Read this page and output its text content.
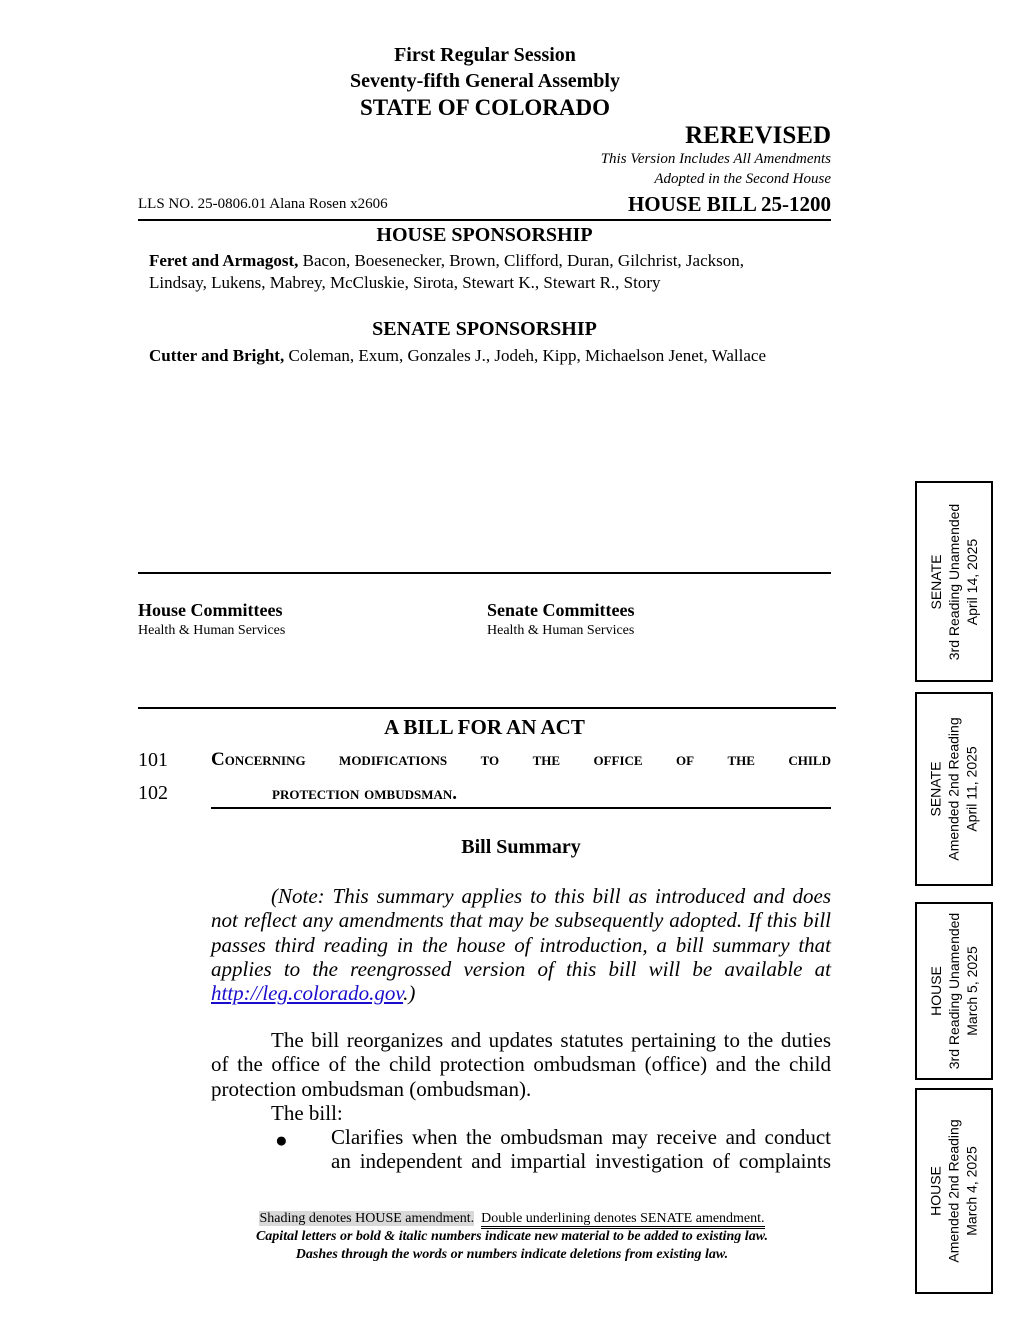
First Regular Session
Seventy-fifth General Assembly
STATE OF COLORADO
REREVISED
This Version Includes All Amendments
Adopted in the Second House
LLS NO. 25-0806.01 Alana Rosen x2606	HOUSE BILL 25-1200
HOUSE SPONSORSHIP
Feret and Armagost, Bacon, Boesenecker, Brown, Clifford, Duran, Gilchrist, Jackson,
Lindsay, Lukens, Mabrey, McCluskie, Sirota, Stewart K., Stewart R., Story
SENATE SPONSORSHIP
Cutter and Bright, Coleman, Exum, Gonzales J., Jodeh, Kipp, Michaelson Jenet, Wallace
House Committees
Health & Human Services
Senate Committees
Health & Human Services
A BILL FOR AN ACT
101 Concerning modifications to the office of the child
102	protection ombudsman.
Bill Summary
(Note: This summary applies to this bill as introduced and does not reflect any amendments that may be subsequently adopted. If this bill passes third reading in the house of introduction, a bill summary that applies to the reengrossed version of this bill will be available at http://leg.colorado.gov.)
The bill reorganizes and updates statutes pertaining to the duties of the office of the child protection ombudsman (office) and the child protection ombudsman (ombudsman).
The bill:
● Clarifies when the ombudsman may receive and conduct an independent and impartial investigation of complaints
Shading denotes HOUSE amendment. Double underlining denotes SENATE amendment.
Capital letters or bold & italic numbers indicate new material to be added to existing law.
Dashes through the words or numbers indicate deletions from existing law.
SENATE 3rd Reading Unamended April 14, 2025
SENATE Amended 2nd Reading April 11, 2025
HOUSE 3rd Reading Unamended March 5, 2025
HOUSE Amended 2nd Reading March 4, 2025
